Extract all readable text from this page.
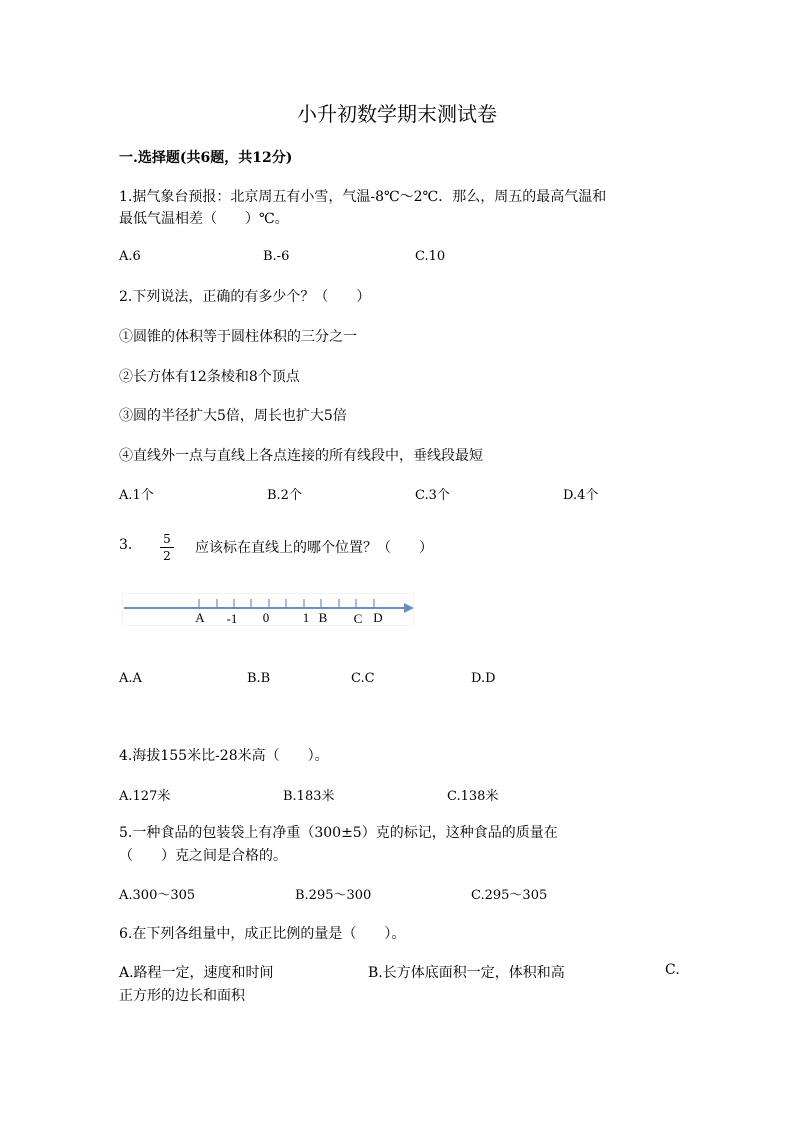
小升初数学期末测试卷
一.选择题(共6题，共12分)
1.据气象台预报：北京周五有小雪，气温-8℃～2℃．那么，周五的最高气温和
最低气温相差（　　）℃。
A.6	B.-6	C.10
2.下列说法，正确的有多少个？（　　）
①圆锥的体积等于圆柱体积的三分之一
②长方体有12条棱和8个顶点
③圆的半径扩大5倍，周长也扩大5倍
④直线外一点与直线上各点连接的所有线段中，垂线段最短
A.1个	B.2个	C.3个	D.4个
3.	5
2 应该标在直线上的哪个位置？（　　）
A -1 0	1 B C D
A.A	B.B	C.C	D.D
4.海拔155米比-28米高（　　）。
A.127米	B.183米	C.138米
5.一种食品的包装袋上有净重（300±5）克的标记，这种食品的质量在
（　　）克之间是合格的。
A.300～305	B.295～300	C.295～305
6.在下列各组量中，成正比例的量是（　　）。
A.路程一定，速度和时间	B.长方体底面积一定，体积和高	C.
正方形的边长和面积
